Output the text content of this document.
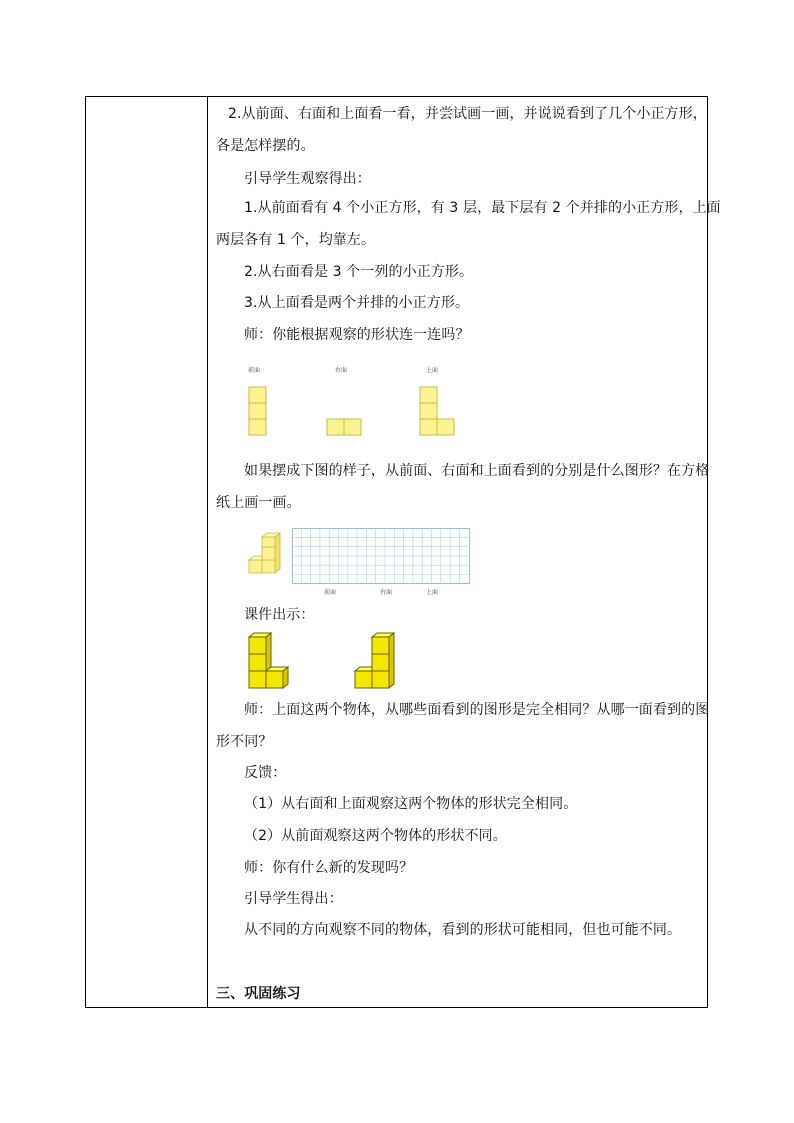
2.从前面、右面和上面看一看，并尝试画一画，并说说看到了几个小正方形，
各是怎样摆的。
引导学生观察得出：
1.从前面看有 4 个小正方形，有 3 层，最下层有 2 个并排的小正方形，上面
两层各有 1 个，均靠左。
2.从右面看是 3 个一列的小正方形。
3.从上面看是两个并排的小正方形。
师：你能根据观察的形状连一连吗？
前面	右面	上面
如果摆成下图的样子，从前面、右面和上面看到的分别是什么图形？在方格
纸上画一画。
前面	右面	上面
课件出示：
师：上面这两个物体，从哪些面看到的图形是完全相同？从哪一面看到的图
形不同？
反馈：
（1）从右面和上面观察这两个物体的形状完全相同。
（2）从前面观察这两个物体的形状不同。
师：你有什么新的发现吗？
引导学生得出：
从不同的方向观察不同的物体，看到的形状可能相同，但也可能不同。
三、巩固练习
